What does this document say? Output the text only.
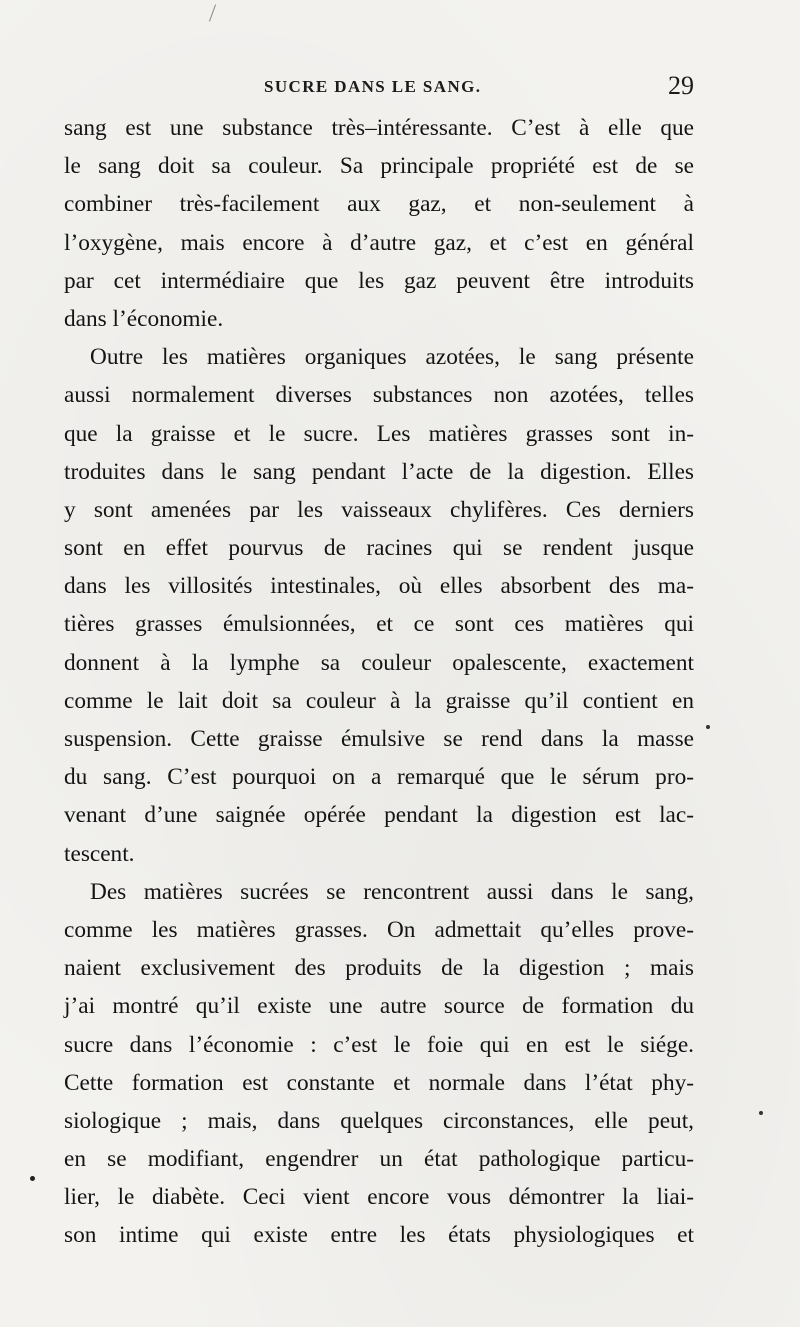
SUCRE DANS LE SANG.	29
sang est une substance très–intéressante. C’est à elle que
le sang doit sa couleur. Sa principale propriété est de se
combiner très-facilement aux gaz, et non-seulement à
l’oxygène, mais encore à d’autre gaz, et c’est en général
par cet intermédiaire que les gaz peuvent être introduits
dans l’économie.
Outre les matières organiques azotées, le sang présente
aussi normalement diverses substances non azotées, telles
que la graisse et le sucre. Les matières grasses sont in-
troduites dans le sang pendant l’acte de la digestion. Elles
y sont amenées par les vaisseaux chylifères. Ces derniers
sont en effet pourvus de racines qui se rendent jusque
dans les villosités intestinales, où elles absorbent des ma-
tières grasses émulsionnées, et ce sont ces matières qui
donnent à la lymphe sa couleur opalescente, exactement
comme le lait doit sa couleur à la graisse qu’il contient en
suspension. Cette graisse émulsive se rend dans la masse
du sang. C’est pourquoi on a remarqué que le sérum pro-
venant d’une saignée opérée pendant la digestion est lac-
tescent.
Des matières sucrées se rencontrent aussi dans le sang,
comme les matières grasses. On admettait qu’elles prove-
naient exclusivement des produits de la digestion ; mais
j’ai montré qu’il existe une autre source de formation du
sucre dans l’économie : c’est le foie qui en est le siége.
Cette formation est constante et normale dans l’état phy-
siologique ; mais, dans quelques circonstances, elle peut,
en se modifiant, engendrer un état pathologique particu-
lier, le diabète. Ceci vient encore vous démontrer la liai-
son intime qui existe entre les états physiologiques et
